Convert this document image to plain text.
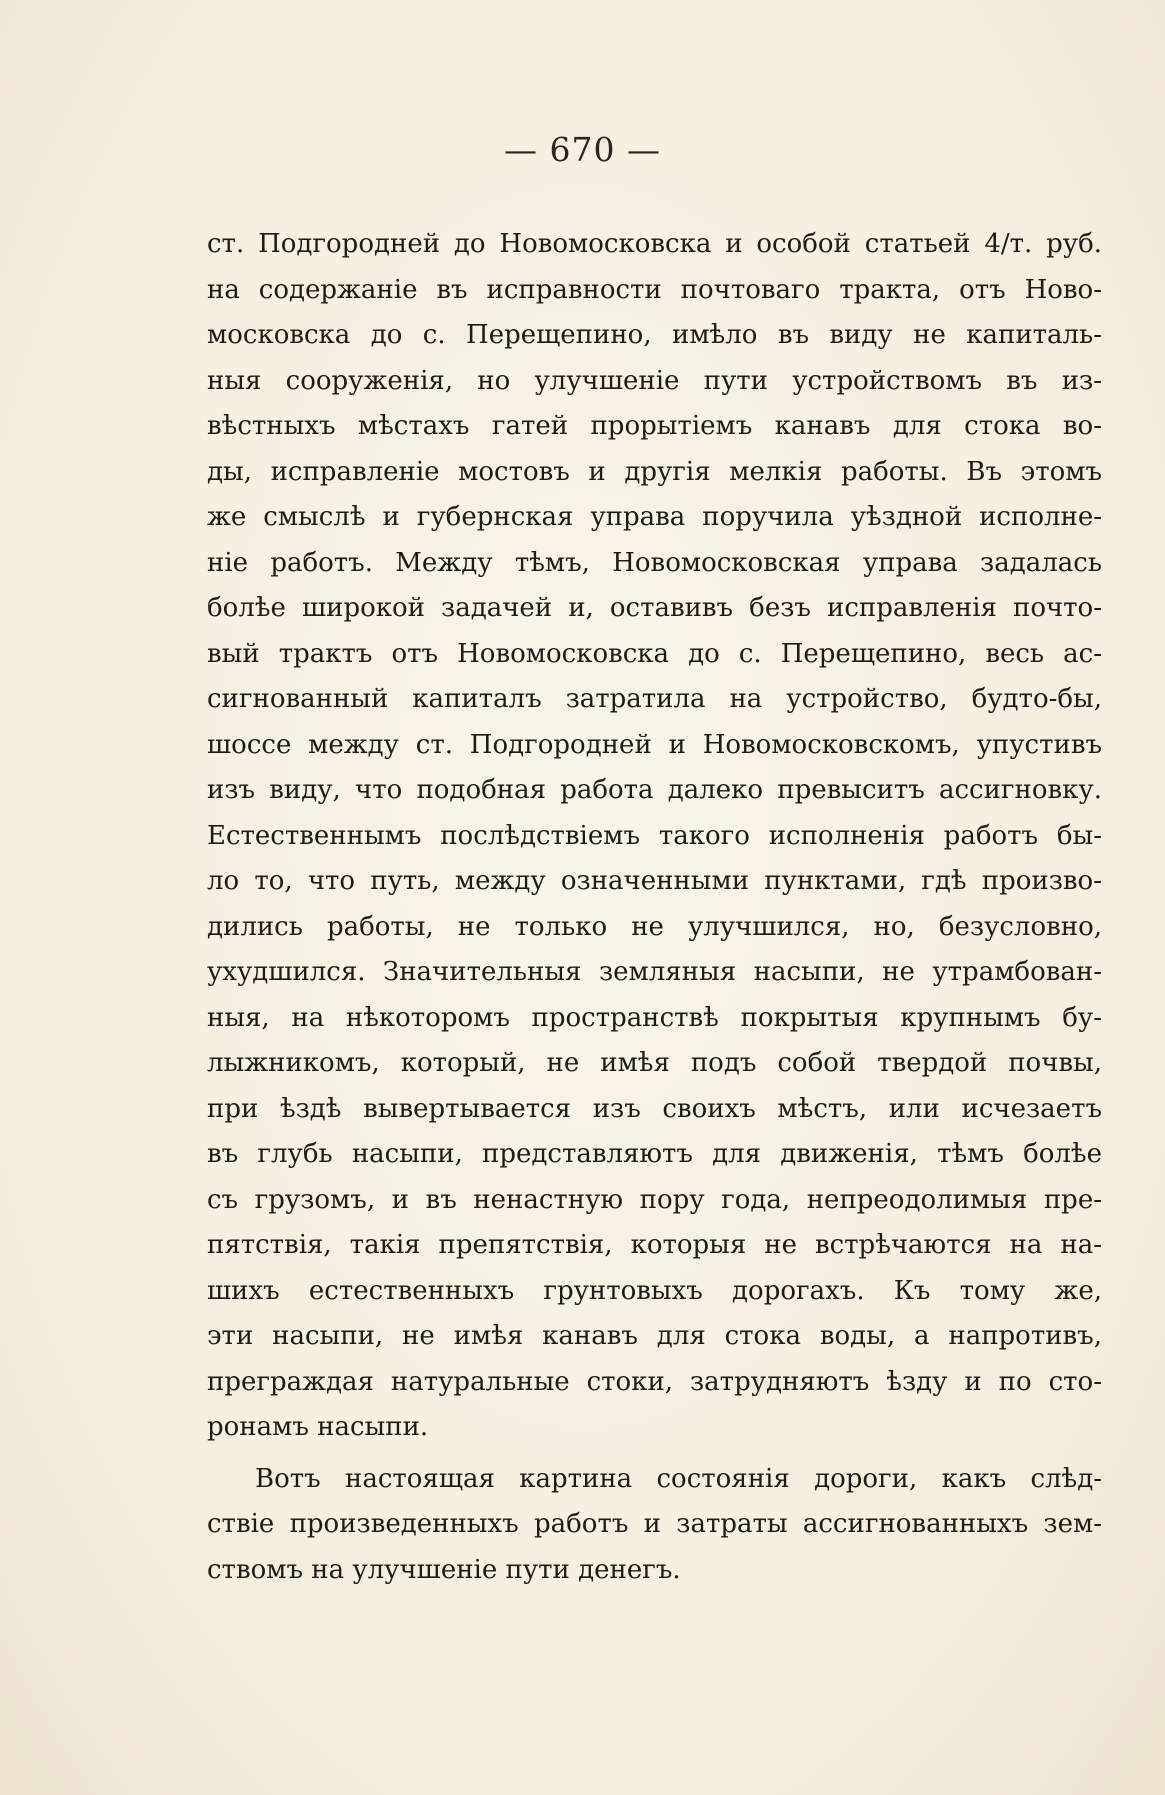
— 670 —
ст. Подгородней до Новомосковска и особой статьей 4/т. руб.
на содержаніе въ исправности почтоваго тракта, отъ Ново-
московска до с. Перещепино, имѣло въ виду не капиталь-
ныя сооруженія, но улучшеніе пути устройствомъ въ из-
вѣстныхъ мѣстахъ гатей прорытіемъ канавъ для стока во-
ды, исправленіе мостовъ и другія мелкія работы. Въ этомъ
же смыслѣ и губернская управа поручила уѣздной исполне-
ніе работъ. Между тѣмъ, Новомосковская управа задалась
болѣе широкой задачей и, оставивъ безъ исправленія почто-
вый трактъ отъ Новомосковска до с. Перещепино, весь ас-
сигнованный капиталъ затратила на устройство, будто-бы,
шоссе между ст. Подгородней и Новомосковскомъ, упустивъ
изъ виду, что подобная работа далеко превыситъ ассигновку.
Естественнымъ послѣдствіемъ такого исполненія работъ бы-
ло то, что путь, между означенными пунктами, гдѣ произво-
дились работы, не только не улучшился, но, безусловно,
ухудшился. Значительныя земляныя насыпи, не утрамбован-
ныя, на нѣкоторомъ пространствѣ покрытыя крупнымъ бу-
лыжникомъ, который, не имѣя подъ собой твердой почвы,
при ѣздѣ вывертывается изъ своихъ мѣстъ, или исчезаетъ
въ глубь насыпи, представляютъ для движенія, тѣмъ болѣе
съ грузомъ, и въ ненастную пору года, непреодолимыя пре-
пятствія, такія препятствія, которыя не встрѣчаются на на-
шихъ естественныхъ грунтовыхъ дорогахъ. Къ тому же,
эти насыпи, не имѣя канавъ для стока воды, а напротивъ,
преграждая натуральные стоки, затрудняютъ ѣзду и по сто-
ронамъ насыпи.
Вотъ настоящая картина состоянія дороги, какъ слѣд-
ствіе произведенныхъ работъ и затраты ассигнованныхъ зем-
ствомъ на улучшеніе пути денегъ.
